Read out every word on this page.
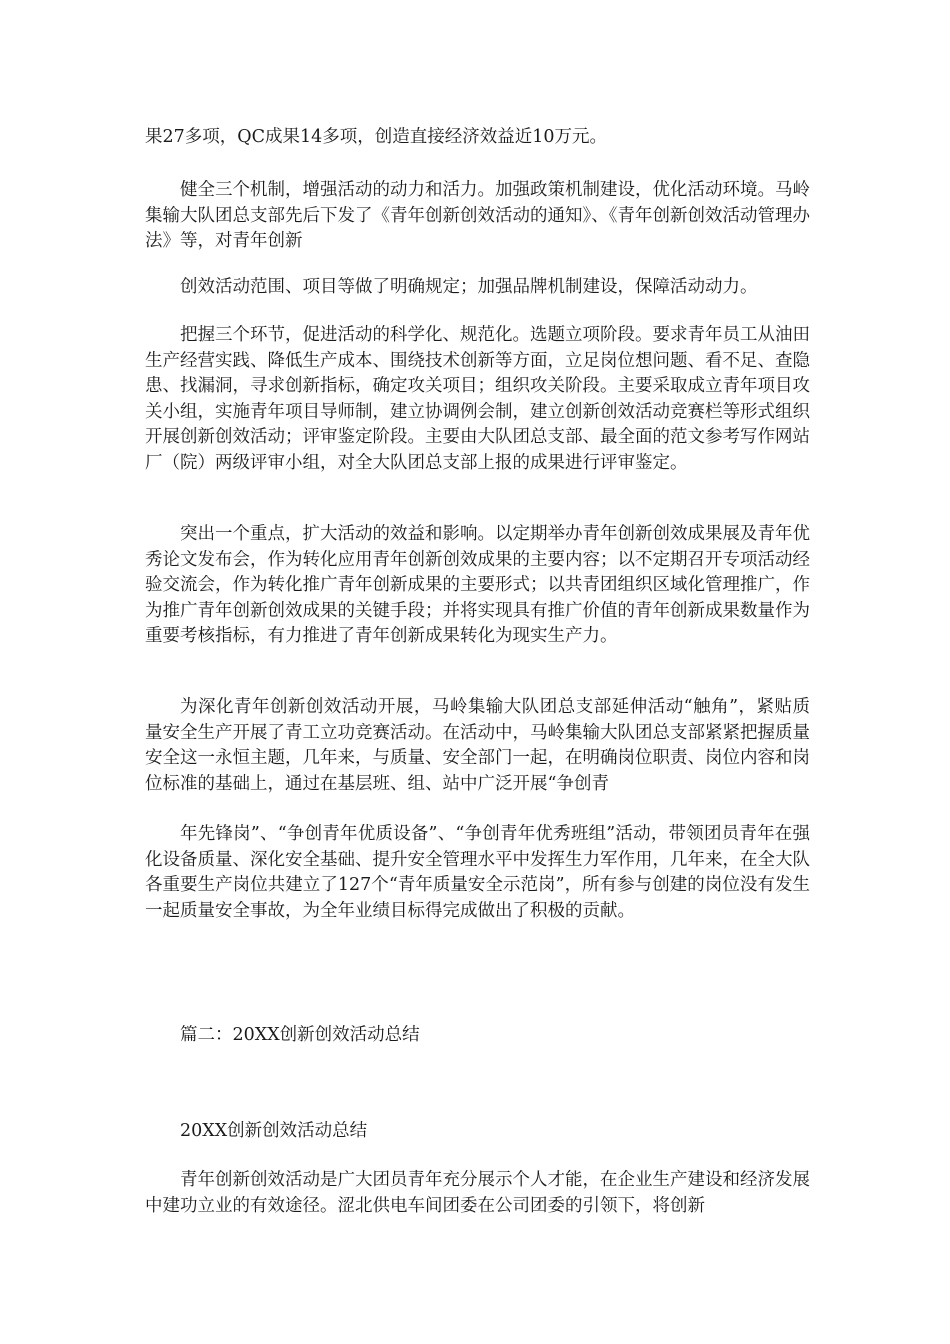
果27多项，QC成果14多项，创造直接经济效益近10万元。

健全三个机制，增强活动的动力和活力。加强政策机制建设，优化活动环境。马岭集输大队团总支部先后下发了《青年创新创效活动的通知》、《青年创新创效活动管理办法》等，对青年创新

创效活动范围、项目等做了明确规定；加强品牌机制建设，保障活动动力。

把握三个环节，促进活动的科学化、规范化。选题立项阶段。要求青年员工从油田生产经营实践、降低生产成本、围绕技术创新等方面，立足岗位想问题、看不足、查隐患、找漏洞，寻求创新指标，确定攻关项目；组织攻关阶段。主要采取成立青年项目攻关小组，实施青年项目导师制，建立协调例会制，建立创新创效活动竞赛栏等形式组织开展创新创效活动；评审鉴定阶段。主要由大队团总支部、最全面的范文参考写作网站厂（院）两级评审小组，对全大队团总支部上报的成果进行评审鉴定。

突出一个重点，扩大活动的效益和影响。以定期举办青年创新创效成果展及青年优秀论文发布会，作为转化应用青年创新创效成果的主要内容；以不定期召开专项活动经验交流会，作为转化推广青年创新成果的主要形式；以共青团组织区域化管理推广，作为推广青年创新创效成果的关键手段；并将实现具有推广价值的青年创新成果数量作为重要考核指标，有力推进了青年创新成果转化为现实生产力。

为深化青年创新创效活动开展，马岭集输大队团总支部延伸活动“触角”，紧贴质量安全生产开展了青工立功竞赛活动。在活动中，马岭集输大队团总支部紧紧把握质量安全这一永恒主题，几年来，与质量、安全部门一起，在明确岗位职责、岗位内容和岗位标准的基础上，通过在基层班、组、站中广泛开展“争创青

年先锋岗”、“争创青年优质设备”、“争创青年优秀班组”活动，带领团员青年在强化设备质量、深化安全基础、提升安全管理水平中发挥生力军作用，几年来，在全大队各重要生产岗位共建立了127个“青年质量安全示范岗”，所有参与创建的岗位没有发生一起质量安全事故，为全年业绩目标得完成做出了积极的贡献。

篇二：20XX创新创效活动总结

20XX创新创效活动总结

青年创新创效活动是广大团员青年充分展示个人才能，在企业生产建设和经济发展中建功立业的有效途径。涩北供电车间团委在公司团委的引领下，将创新
